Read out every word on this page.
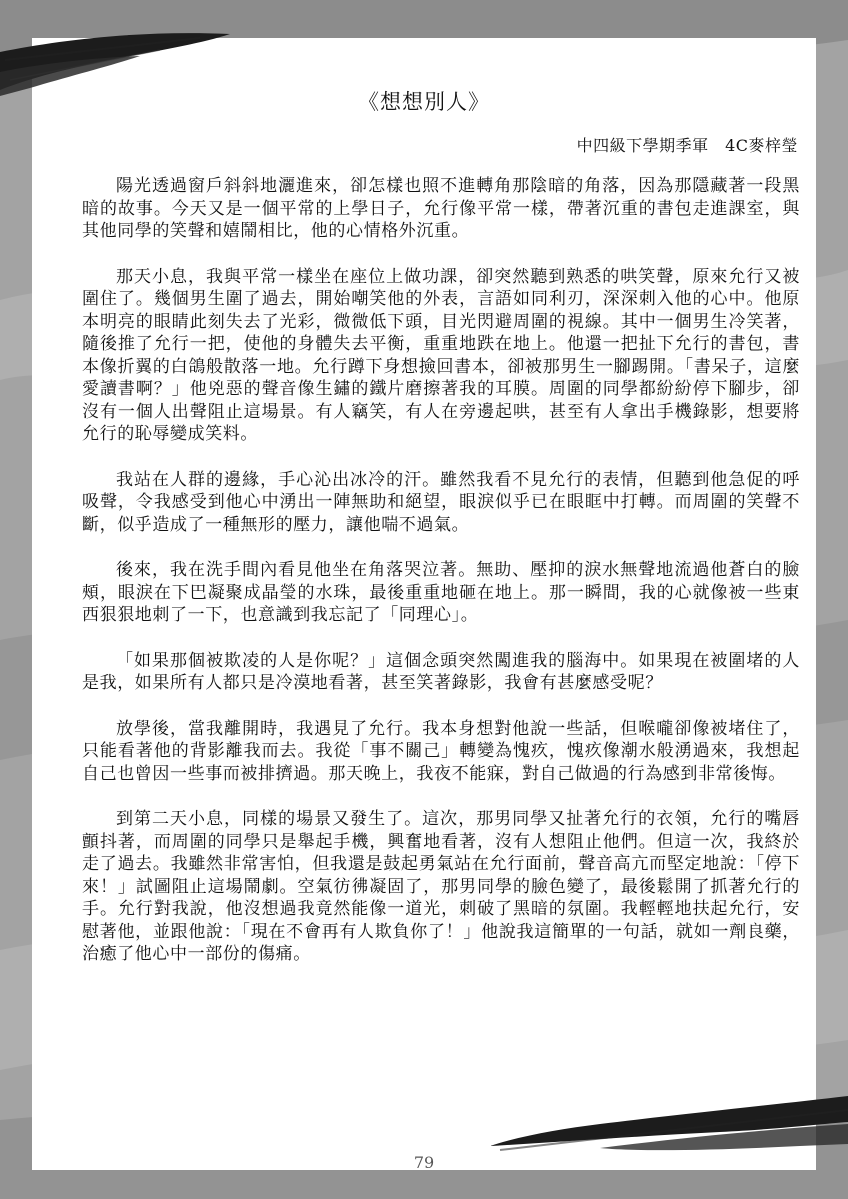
《想想別人》
中四級下學期季軍　4C麥梓瑩

陽光透過窗戶斜斜地灑進來，卻怎樣也照不進轉角那陰暗的角落，因為那隱藏著一段黑暗的故事。今天又是一個平常的上學日子，允行像平常一樣，帶著沉重的書包走進課室，與其他同學的笑聲和嬉鬧相比，他的心情格外沉重。

那天小息，我與平常一樣坐在座位上做功課，卻突然聽到熟悉的哄笑聲，原來允行又被圍住了。幾個男生圍了過去，開始嘲笑他的外表，言語如同利刃，深深刺入他的心中。他原本明亮的眼睛此刻失去了光彩，微微低下頭，目光閃避周圍的視線。其中一個男生冷笑著，隨後推了允行一把，使他的身體失去平衡，重重地跌在地上。他還一把扯下允行的書包，書本像折翼的白鴿般散落一地。允行蹲下身想撿回書本，卻被那男生一腳踢開。「書呆子，這麼愛讀書啊？」他兇惡的聲音像生鏽的鐵片磨擦著我的耳膜。周圍的同學都紛紛停下腳步，卻沒有一個人出聲阻止這場景。有人竊笑，有人在旁邊起哄，甚至有人拿出手機錄影，想要將允行的恥辱變成笑料。

我站在人群的邊緣，手心沁出冰冷的汗。雖然我看不見允行的表情，但聽到他急促的呼吸聲，令我感受到他心中湧出一陣無助和絕望，眼淚似乎已在眼眶中打轉。而周圍的笑聲不斷，似乎造成了一種無形的壓力，讓他喘不過氣。

後來，我在洗手間內看見他坐在角落哭泣著。無助、壓抑的淚水無聲地流過他蒼白的臉頰，眼淚在下巴凝聚成晶瑩的水珠，最後重重地砸在地上。那一瞬間，我的心就像被一些東西狠狠地刺了一下，也意識到我忘記了「同理心」。

「如果那個被欺凌的人是你呢？」這個念頭突然闖進我的腦海中。如果現在被圍堵的人是我，如果所有人都只是冷漠地看著，甚至笑著錄影，我會有甚麼感受呢？

放學後，當我離開時，我遇見了允行。我本身想對他說一些話，但喉嚨卻像被堵住了，只能看著他的背影離我而去。我從「事不關己」轉變為愧疚，愧疚像潮水般湧過來，我想起自己也曾因一些事而被排擠過。那天晚上，我夜不能寐，對自己做過的行為感到非常後悔。

到第二天小息，同樣的場景又發生了。這次，那男同學又扯著允行的衣領，允行的嘴唇顫抖著，而周圍的同學只是舉起手機，興奮地看著，沒有人想阻止他們。但這一次，我終於走了過去。我雖然非常害怕，但我還是鼓起勇氣站在允行面前，聲音高亢而堅定地說：「停下來！」試圖阻止這場鬧劇。空氣彷彿凝固了，那男同學的臉色變了，最後鬆開了抓著允行的手。允行對我說，他沒想過我竟然能像一道光，刺破了黑暗的氛圍。我輕輕地扶起允行，安慰著他，並跟他說：「現在不會再有人欺負你了！」他說我這簡單的一句話，就如一劑良藥，治癒了他心中一部份的傷痛。

79
